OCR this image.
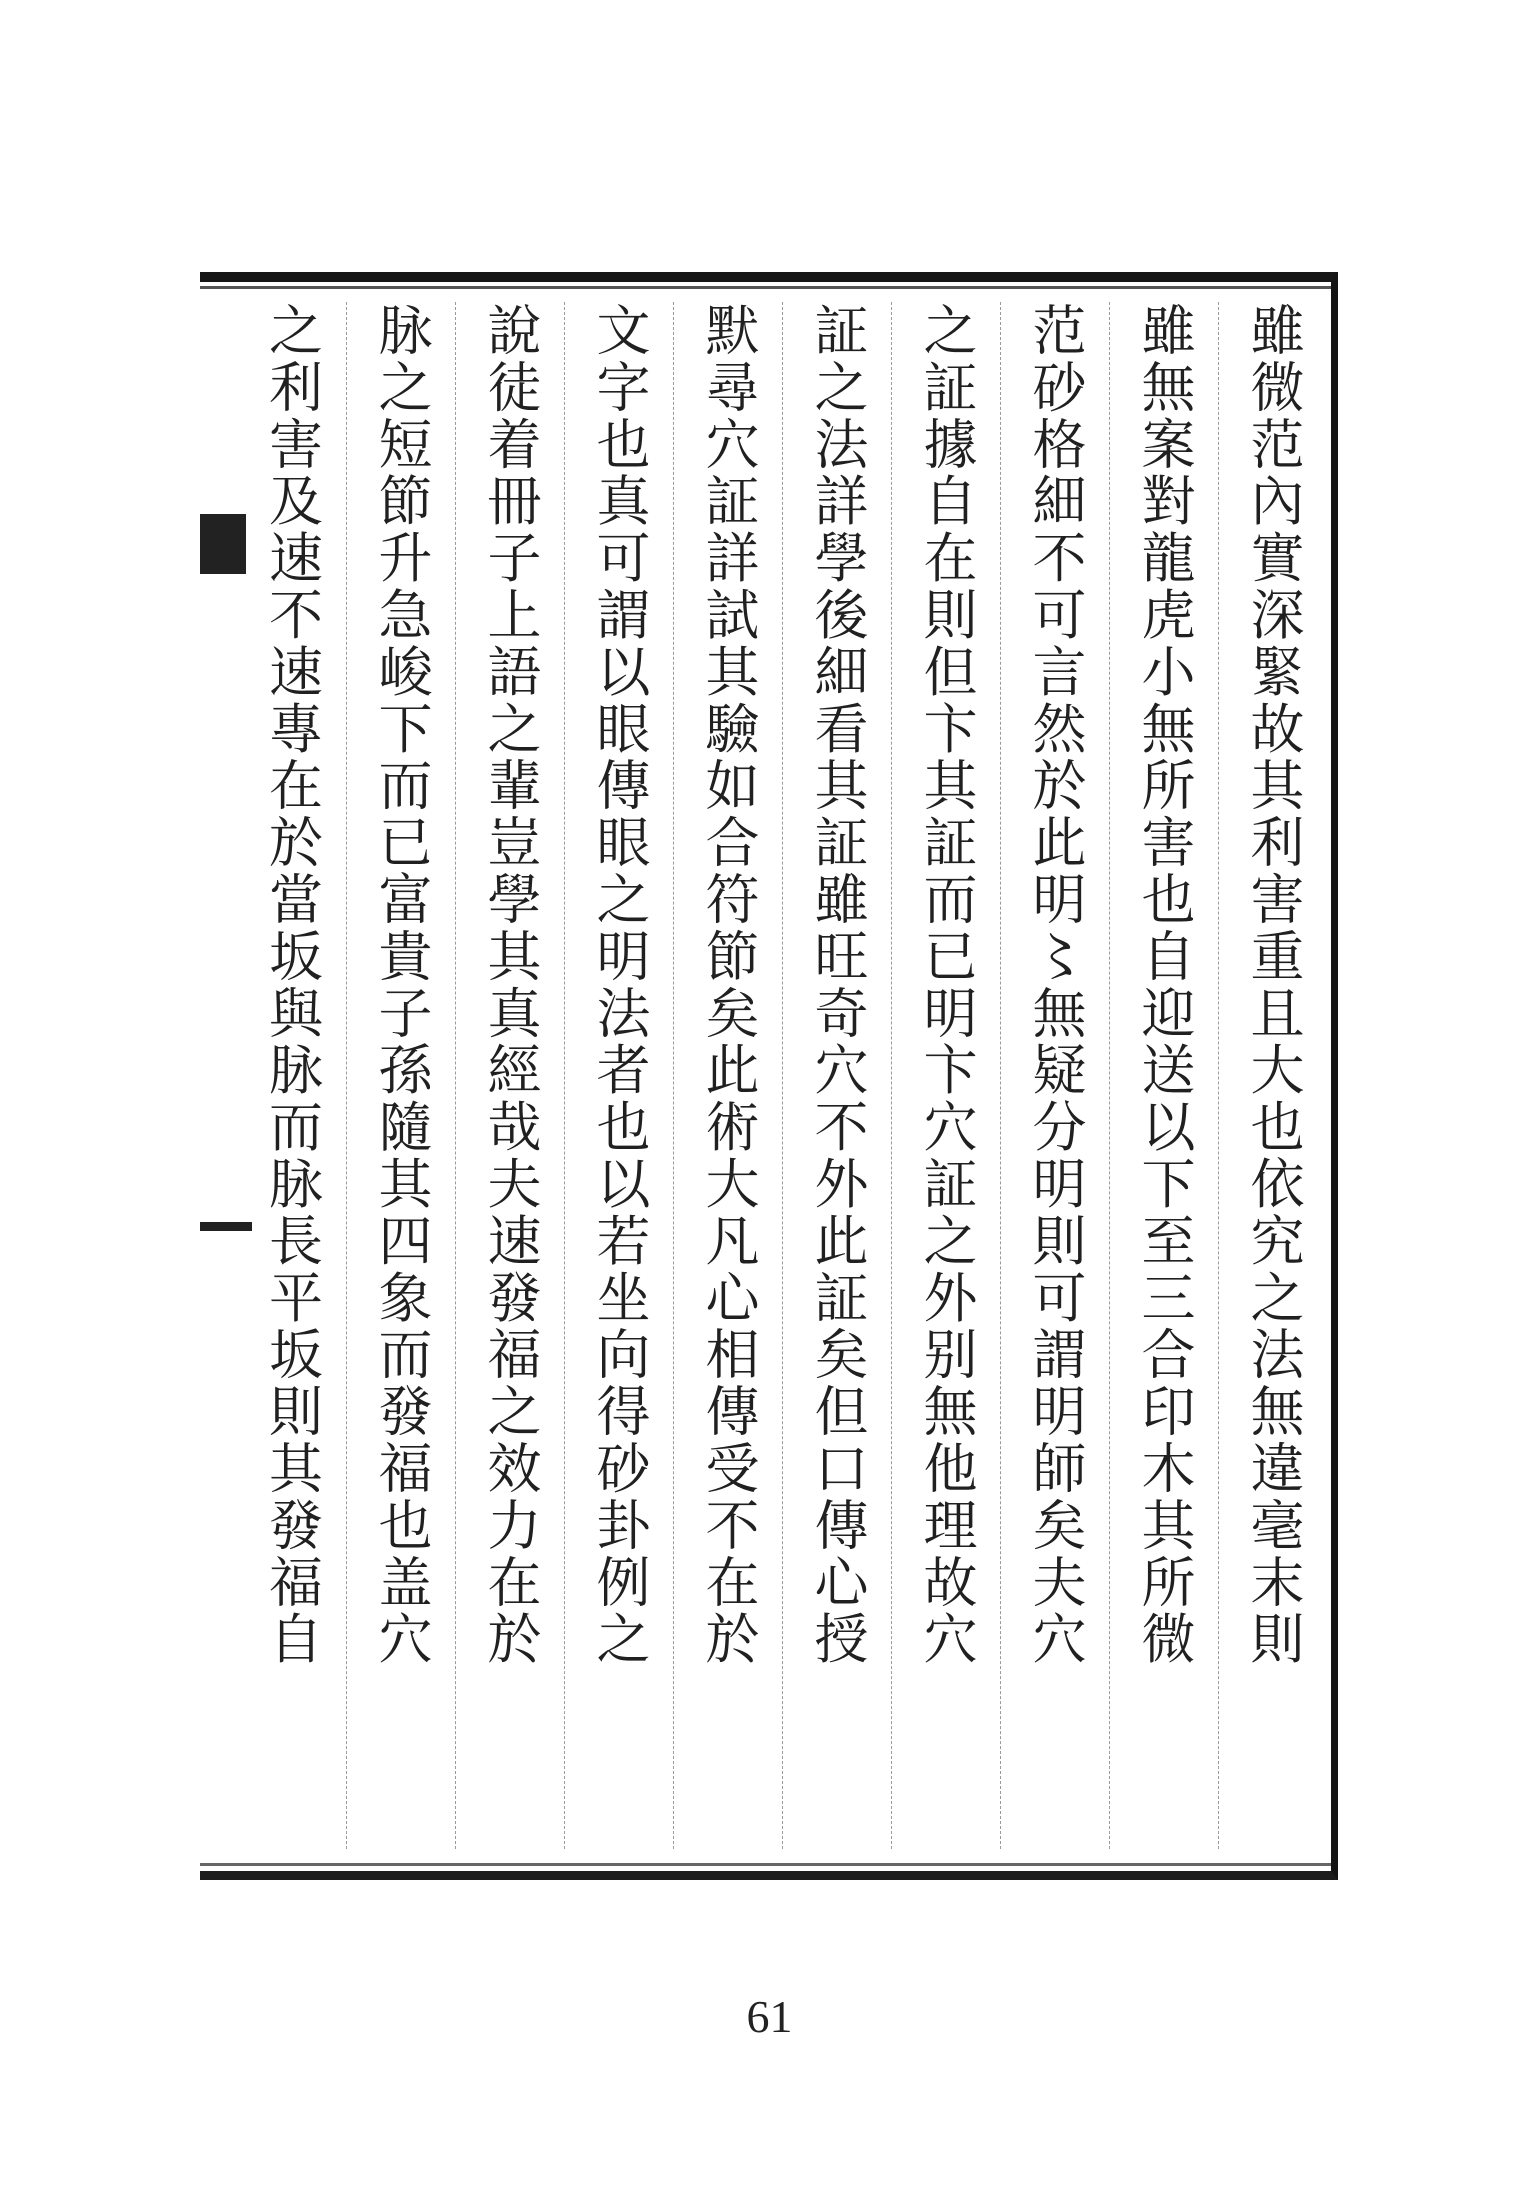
雖微范內實深緊故其利害重且大也依究之法無違毫末則
雖無案對龍虎小無所害也自迎送以下至三合印木其所微
范砂格細不可言然於此明〻無疑分明則可謂明師矣夫穴
之証據自在則但卞其証而已明卞穴証之外别無他理故穴
証之法詳學後細看其証雖旺奇穴不外此証矣但口傳心授
默尋穴証詳試其驗如合符節矣此術大凡心相傳受不在於
文字也真可謂以眼傳眼之明法者也以若坐向得砂卦例之
說徒着冊子上語之輩豈學其真經哉夫速發福之效力在於
脉之短節升急峻下而已富貴子孫隨其四象而發福也盖穴
之利害及速不速專在於當坂與脉而脉長平坂則其發福自
61
